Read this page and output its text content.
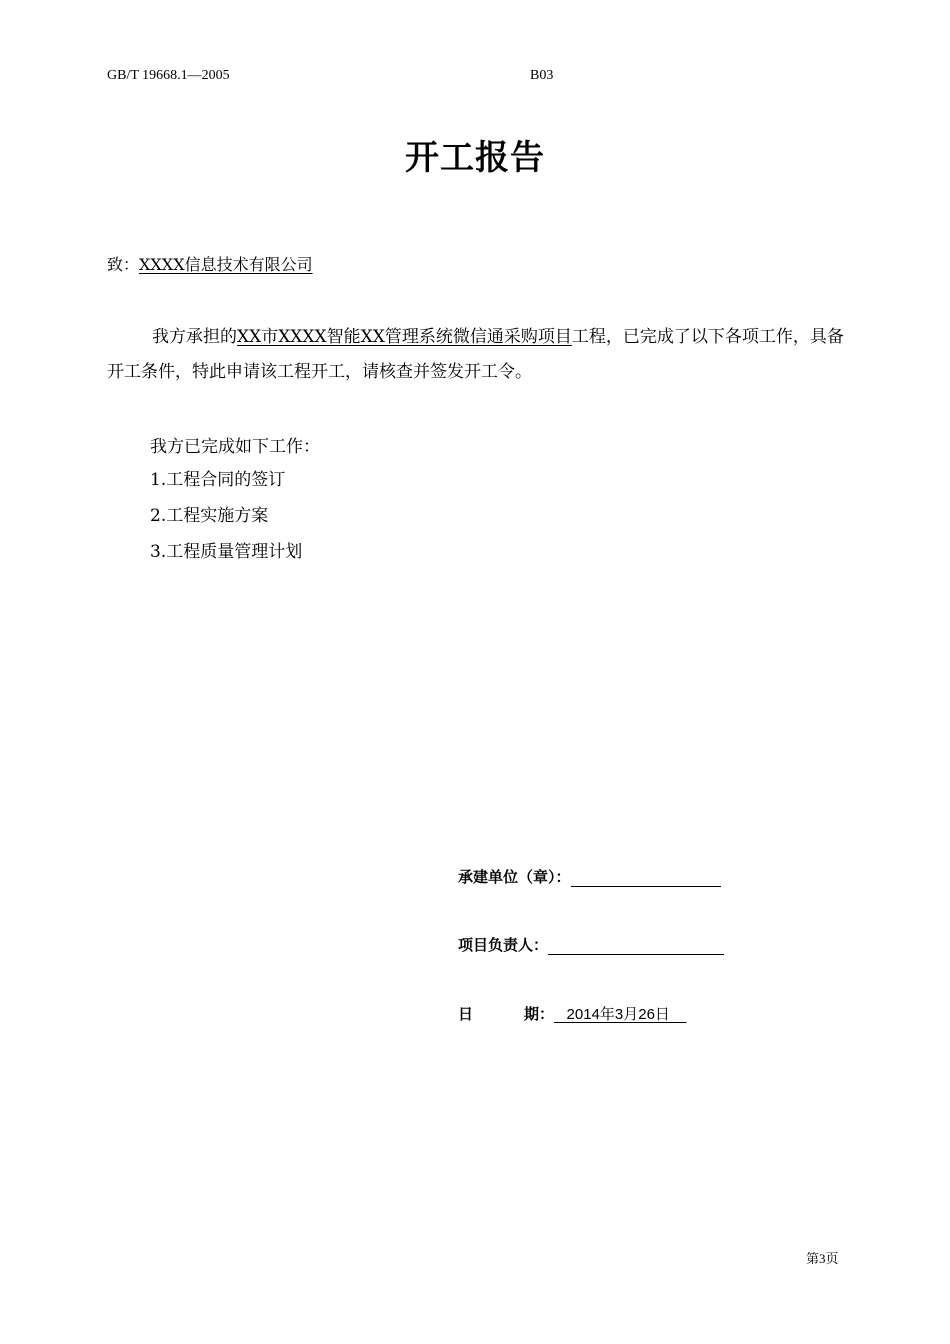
GB/T 19668.1—2005	B03
开工报告
致：XXXX信息技术有限公司
我方承担的XX市XXXX智能XX管理系统微信通采购项目工程，已完成了以下各项工作，具备开工条件，特此申请该工程开工，请核查并签发开工令。
我方已完成如下工作：
1.工程合同的签订
2.工程实施方案
3.工程质量管理计划
承建单位（章）：
项目负责人：
日	期：   2014年3月26日
第3页
